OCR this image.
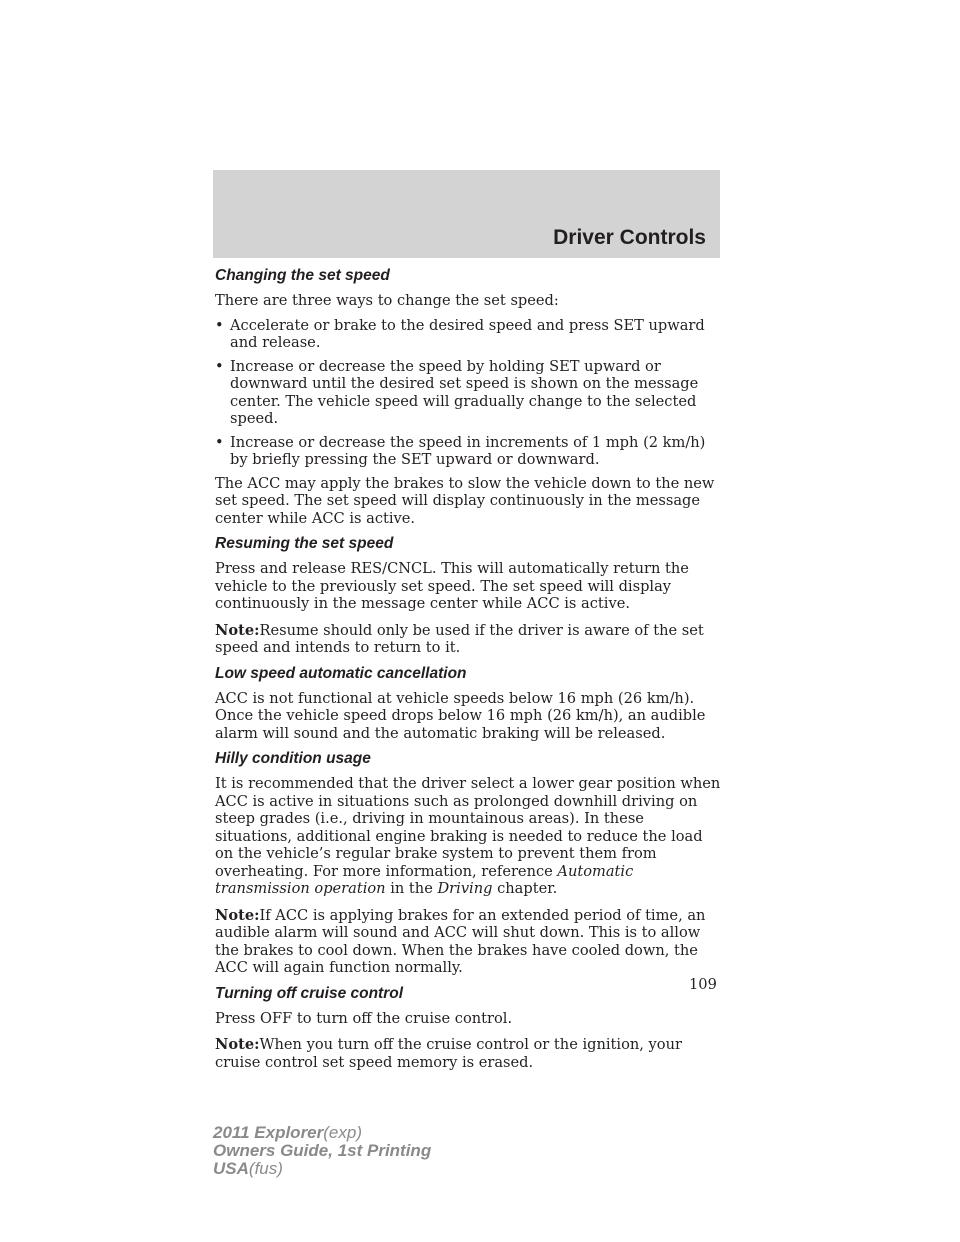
Driver Controls
Changing the set speed

There are three ways to change the set speed:

• Accelerate or brake to the desired speed and press SET upward and release.
• Increase or decrease the speed by holding SET upward or downward until the desired set speed is shown on the message center. The vehicle speed will gradually change to the selected speed.
• Increase or decrease the speed in increments of 1 mph (2 km/h) by briefly pressing the SET upward or downward.

The ACC may apply the brakes to slow the vehicle down to the new set speed. The set speed will display continuously in the message center while ACC is active.

Resuming the set speed

Press and release RES/CNCL. This will automatically return the vehicle to the previously set speed. The set speed will display continuously in the message center while ACC is active.

Note:Resume should only be used if the driver is aware of the set speed and intends to return to it.

Low speed automatic cancellation

ACC is not functional at vehicle speeds below 16 mph (26 km/h). Once the vehicle speed drops below 16 mph (26 km/h), an audible alarm will sound and the automatic braking will be released.

Hilly condition usage

It is recommended that the driver select a lower gear position when ACC is active in situations such as prolonged downhill driving on steep grades (i.e., driving in mountainous areas). In these situations, additional engine braking is needed to reduce the load on the vehicle’s regular brake system to prevent them from overheating. For more information, reference Automatic transmission operation in the Driving chapter.

Note:If ACC is applying brakes for an extended period of time, an audible alarm will sound and ACC will shut down. This is to allow the brakes to cool down. When the brakes have cooled down, the ACC will again function normally.

Turning off cruise control

Press OFF to turn off the cruise control.

Note:When you turn off the cruise control or the ignition, your cruise control set speed memory is erased.

109
2011 Explorer(exp)
Owners Guide, 1st Printing
USA(fus)
